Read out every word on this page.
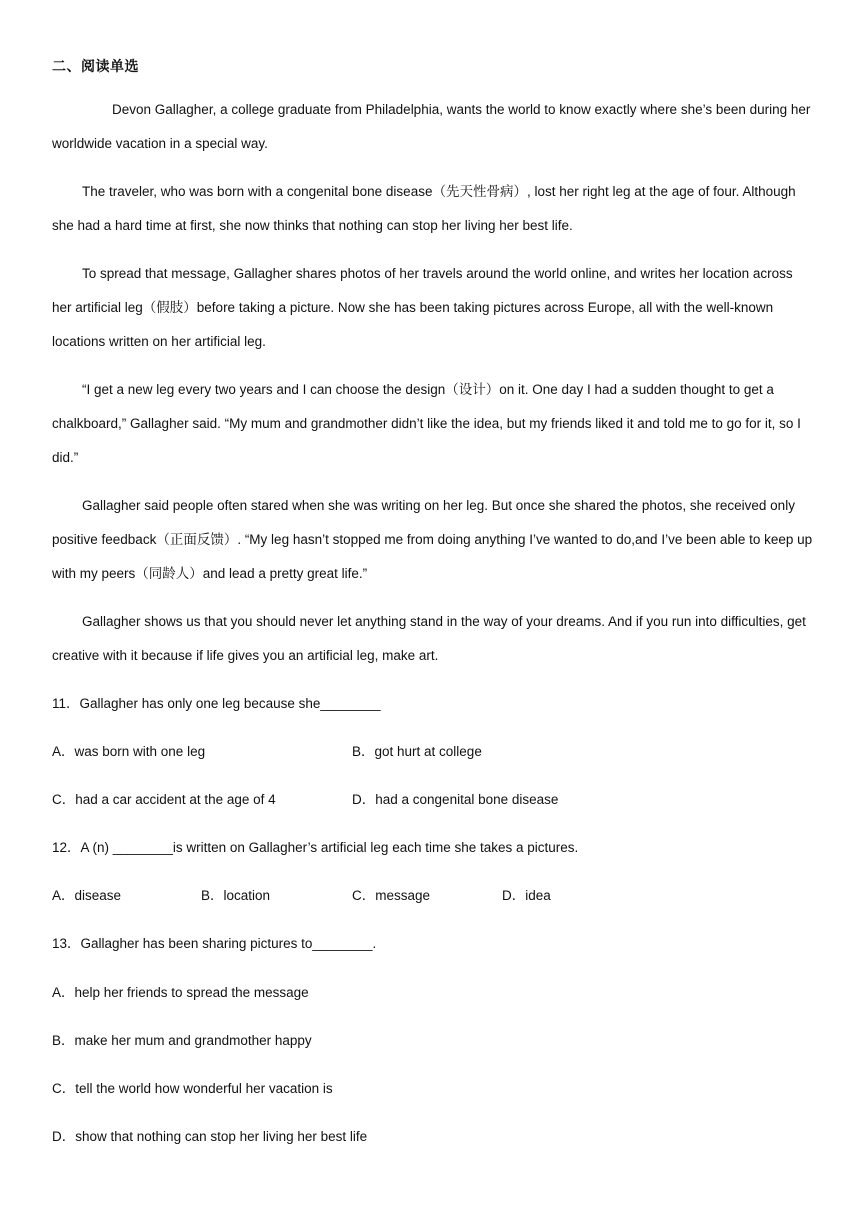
二、阅读单选
Devon Gallagher, a college graduate from Philadelphia, wants the world to know exactly where she’s been during her worldwide vacation in a special way.
The traveler, who was born with a congenital bone disease（先天性骨病）, lost her right leg at the age of four. Although she had a hard time at first, she now thinks that nothing can stop her living her best life.
To spread that message, Gallagher shares photos of her travels around the world online, and writes her location across her artificial leg（假肢）before taking a picture. Now she has been taking pictures across Europe, all with the well-known locations written on her artificial leg.
“I get a new leg every two years and I can choose the design（设计）on it. One day I had a sudden thought to get a chalkboard,” Gallagher said. “My mum and grandmother didn’t like the idea, but my friends liked it and told me to go for it, so I did.”
Gallagher said people often stared when she was writing on her leg. But once she shared the photos, she received only positive feedback（正面反馈）. “My leg hasn’t stopped me from doing anything I’ve wanted to do,and I’ve been able to keep up with my peers（同龄人）and lead a pretty great life.”
Gallagher shows us that you should never let anything stand in the way of your dreams. And if you run into difficulties, get creative with it because if life gives you an artificial leg, make art.
11．Gallagher has only one leg because she________
A．was born with one leg	B．got hurt at college
C．had a car accident at the age of 4	D．had a congenital bone disease
12．A (n) ________is written on Gallagher’s artificial leg each time she takes a pictures.
A．disease	B．location	C．message	D．idea
13．Gallagher has been sharing pictures to________.
A．help her friends to spread the message
B．make her mum and grandmother happy
C．tell the world how wonderful her vacation is
D．show that nothing can stop her living her best life
